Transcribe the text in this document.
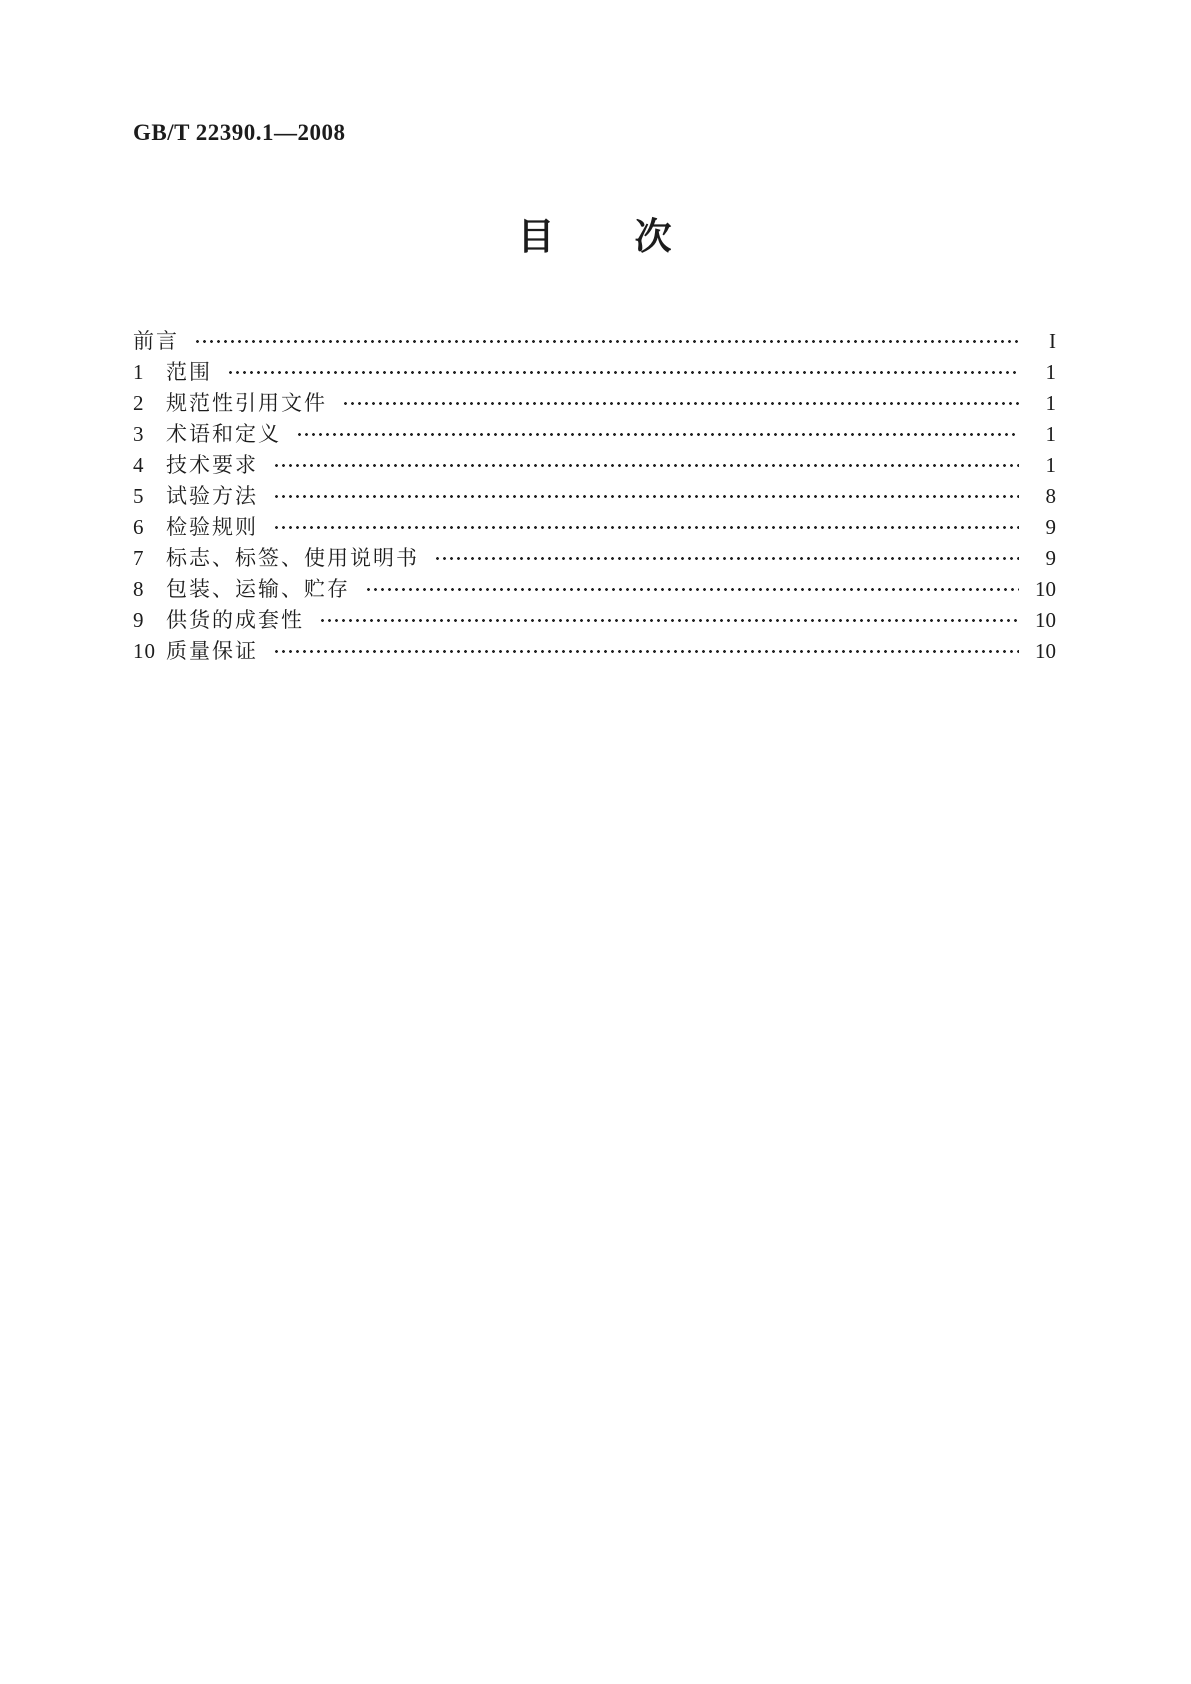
GB/T 22390.1—2008
目　　次
前言	I
1	范围	1
2	规范性引用文件	1
3	术语和定义	1
4	技术要求	1
5	试验方法	8
6	检验规则	9
7	标志、标签、使用说明书	9
8	包装、运输、贮存	10
9	供货的成套性	10
10 质量保证	10
